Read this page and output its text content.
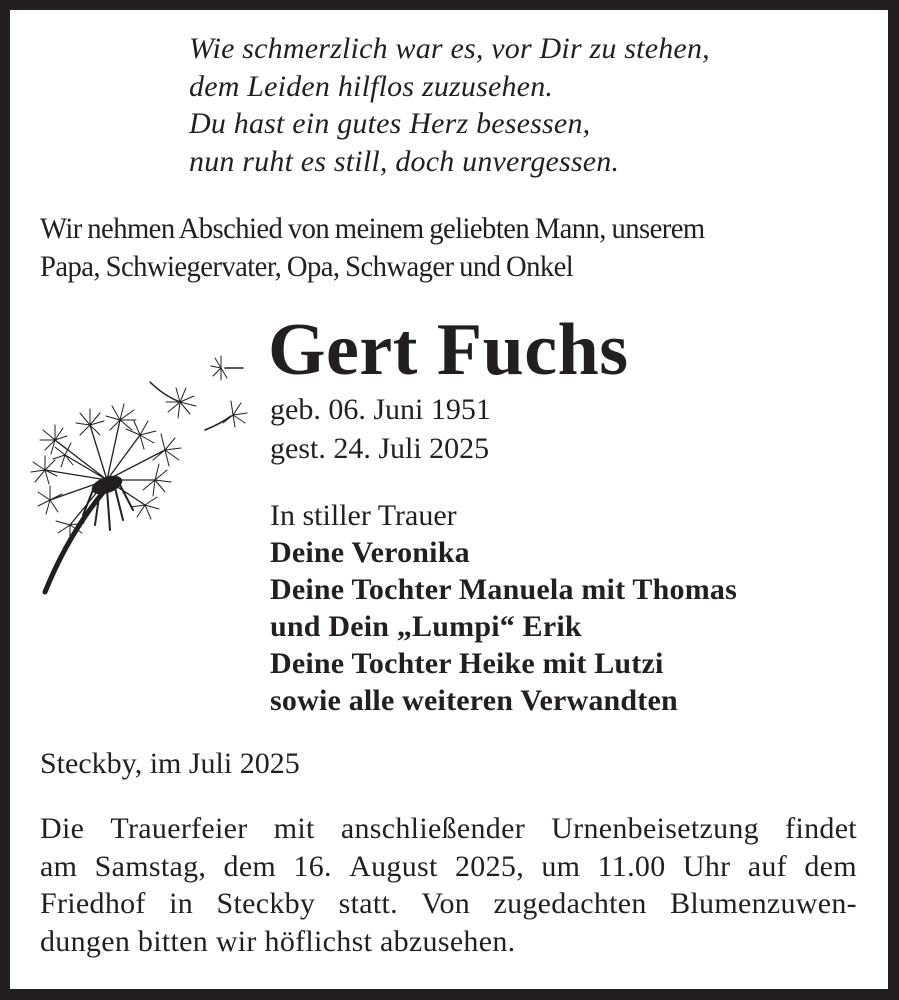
Wie schmerzlich war es, vor Dir zu stehen,
dem Leiden hilflos zuzusehen.
Du hast ein gutes Herz besessen,
nun ruht es still, doch unvergessen.
Wir nehmen Abschied von meinem geliebten Mann, unserem
Papa, Schwiegervater, Opa, Schwager und Onkel
Gert Fuchs
geb. 06. Juni 1951
gest. 24. Juli 2025
In stiller Trauer
Deine Veronika
Deine Tochter Manuela mit Thomas
und Dein „Lumpi“ Erik
Deine Tochter Heike mit Lutzi
sowie alle weiteren Verwandten
Steckby, im Juli 2025
Die Trauerfeier mit anschließender Urnenbeisetzung findet
am Samstag, dem 16. August 2025, um 11.00 Uhr auf dem
Friedhof in Steckby statt. Von zugedachten Blumenzuwen-
dungen bitten wir höflichst abzusehen.
